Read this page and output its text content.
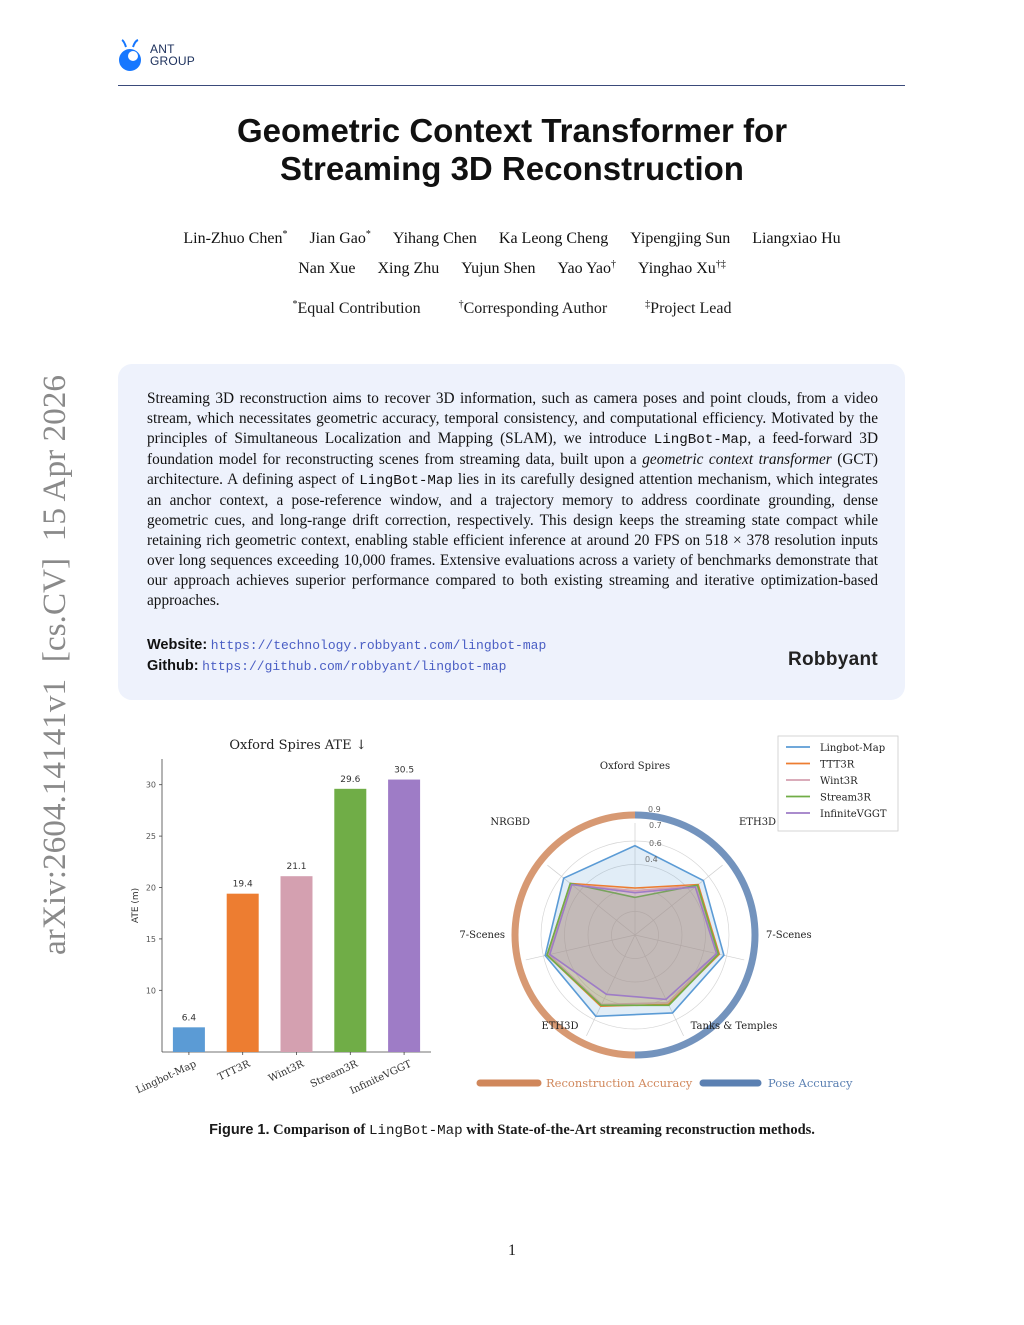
ANT
GROUP
Geometric Context Transformer for
Streaming 3D Reconstruction
Lin-Zhuo Chen* Jian Gao* Yihang Chen Ka Leong Cheng Yipengjing Sun Liangxiao Hu
Nan Xue Xing Zhu Yujun Shen Yao Yao† Yinghao Xu†‡
*Equal Contribution	†Corresponding Author	‡Project Lead
arXiv:2604.14141v1  [cs.CV]  15 Apr 2026	Streaming 3D reconstruction aims to recover 3D information, such as camera poses and point clouds, from a video stream, which necessitates geometric accuracy, temporal consistency, and computational efficiency. Motivated by the principles of Simultaneous Localization and Mapping (SLAM), we introduce LingBot-Map, a feed-forward 3D foundation model for reconstructing scenes from streaming data, built upon a geometric context transformer (GCT) architecture. A defining aspect of LingBot-Map lies in its carefully designed attention mechanism, which integrates an anchor context, a pose-reference window, and a trajectory memory to address coordinate grounding, dense geometric cues, and long-range drift correction, respectively. This design keeps the streaming state compact while retaining rich geometric context, enabling stable efficient inference at around 20 FPS on 518 × 378 resolution inputs over long sequences exceeding 10,000 frames. Extensive evaluations across a variety of benchmarks demonstrate that our approach achieves superior performance compared to both existing streaming and iterative optimization-based approaches.

Website: https://technology.robbyant.com/lingbot-map
Github: https://github.com/robbyant/lingbot-map	Robbyant
Oxford Spires ATE ↓
10
15
20
25
30
ATE (m)
6.4
Lingbot-Map
19.4
TTT3R
21.1
Wint3R
29.6
Stream3R
30.5
InfiniteVGGT
0.4
0.6
0.7
0.9
Oxford Spires
ETH3D
7-Scenes
Tanks & Temples
ETH3D
7-Scenes
NRGBD
Lingbot-Map
TTT3R
Wint3R
Stream3R
InfiniteVGGT
Reconstruction Accuracy	Pose Accuracy
Figure 1. Comparison of LingBot-Map with State-of-the-Art streaming reconstruction methods.
1
